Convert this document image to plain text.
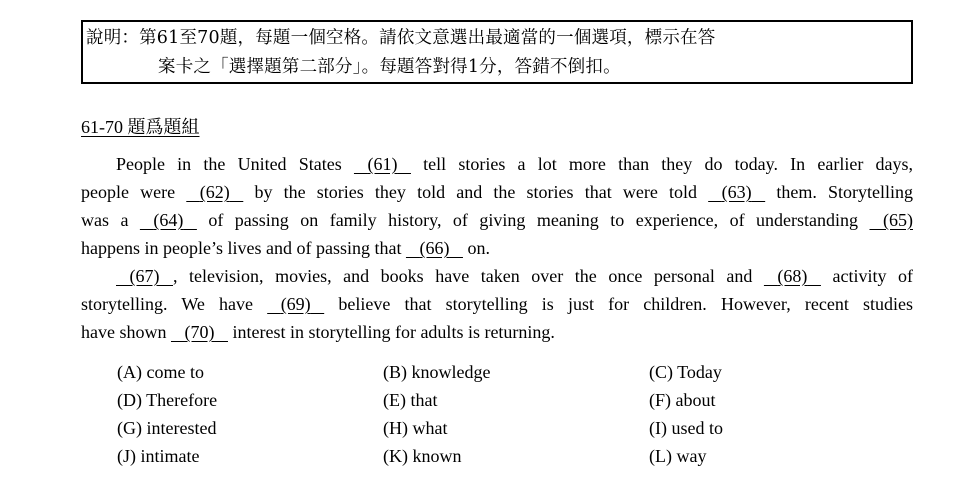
說明：第61至70題，每題一個空格。請依文意選出最適當的一個選項，標示在答
案卡之「選擇題第二部分」。每題答對得1分，答錯不倒扣。
61-70 題爲題組
People in the United States    (61)    tell stories a lot more than they do today. In earlier days,
people were    (62)    by the stories they told and the stories that were told    (63)    them. Storytelling
was a    (64)    of passing on family history, of giving meaning to experience, of understanding    (65)
happens in people’s lives and of passing that    (66)    on.
(67) , television, movies, and books have taken over the once personal and    (68)    activity of
storytelling. We have    (69)    believe that storytelling is just for children. However, recent studies
have shown    (70)    interest in storytelling for adults is returning.
(A) come to	(B) knowledge	(C) Today
(D) Therefore	(E) that	(F) about
(G) interested	(H) what	(I) used to
(J) intimate	(K) known	(L) way
